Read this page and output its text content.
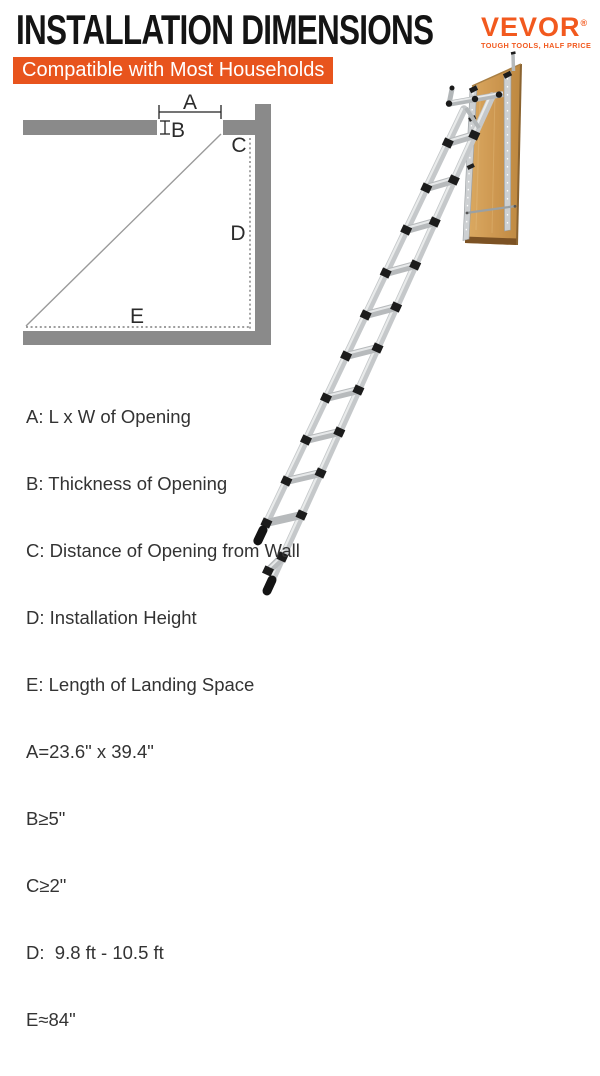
INSTALLATION DIMENSIONS
Compatible with Most Households
VEVOR®
TOUGH TOOLS, HALF PRICE
A
B
C
D
E

A: L x W of Opening

B: Thickness of Opening

C: Distance of Opening from Wall

D: Installation Height

E: Length of Landing Space

A=23.6" x 39.4"

B≥5"

C≥2"

D:  9.8 ft - 10.5 ft

E≈84"
